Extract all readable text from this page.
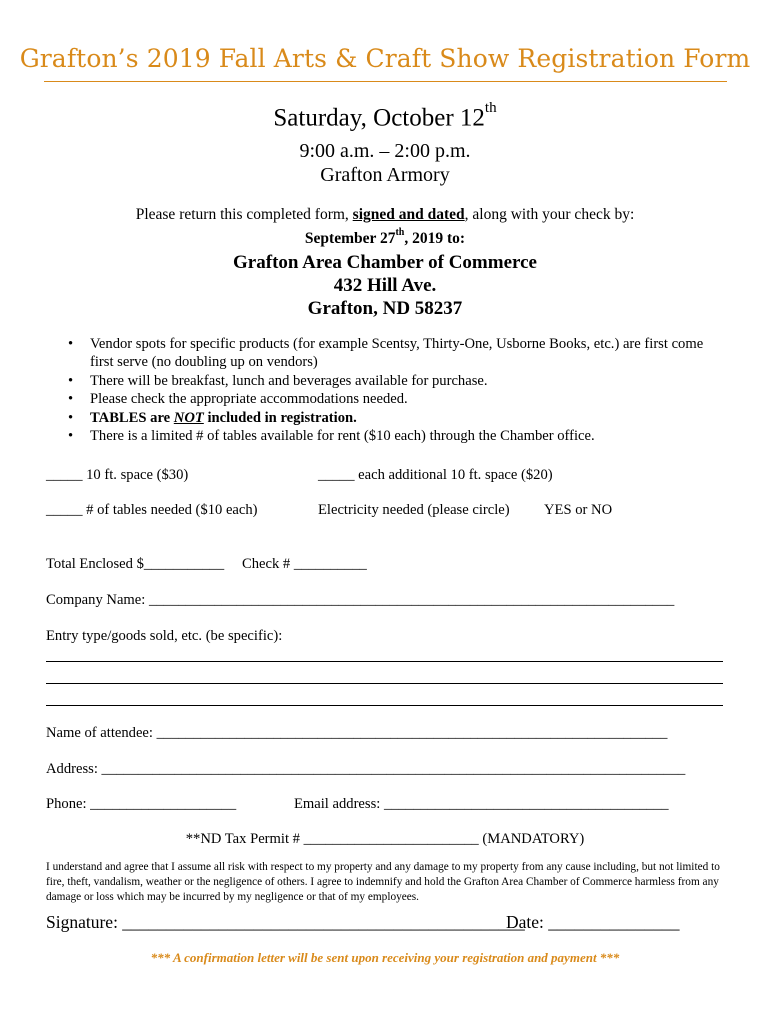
Grafton’s 2019 Fall Arts & Craft Show Registration Form
Saturday, October 12th
9:00 a.m. – 2:00 p.m.
Grafton Armory
Please return this completed form, signed and dated, along with your check by:
September 27th, 2019 to:
Grafton Area Chamber of Commerce
432 Hill Ave.
Grafton, ND 58237
• Vendor spots for specific products (for example Scentsy, Thirty-One, Usborne Books, etc.) are first come first serve (no doubling up on vendors)
• There will be breakfast, lunch and beverages available for purchase.
• Please check the appropriate accommodations needed.
• TABLES are NOT included in registration.
• There is a limited # of tables available for rent ($10 each) through the Chamber office.
_____ 10 ft. space ($30)	_____ each additional 10 ft. space ($20)
_____ # of tables needed ($10 each)	Electricity needed (please circle) YES or NO
Total Enclosed $___________ Check # __________
Company Name: ________________________________________________________________________
Entry type/goods sold, etc. (be specific):
Name of attendee: ______________________________________________________________________
Address: ________________________________________________________________________________
Phone: ____________________	Email address: _______________________________________
**ND Tax Permit # ________________________ (MANDATORY)
I understand and agree that I assume all risk with respect to my property and any damage to my property from any cause including, but not limited to fire, theft, vandalism, weather or the negligence of others. I agree to indemnify and hold the Grafton Area Chamber of Commerce harmless from any damage or loss which may be incurred by my negligence or that of my employees.
Signature: ______________________________________________
Date: _______________
*** A confirmation letter will be sent upon receiving your registration and payment ***
